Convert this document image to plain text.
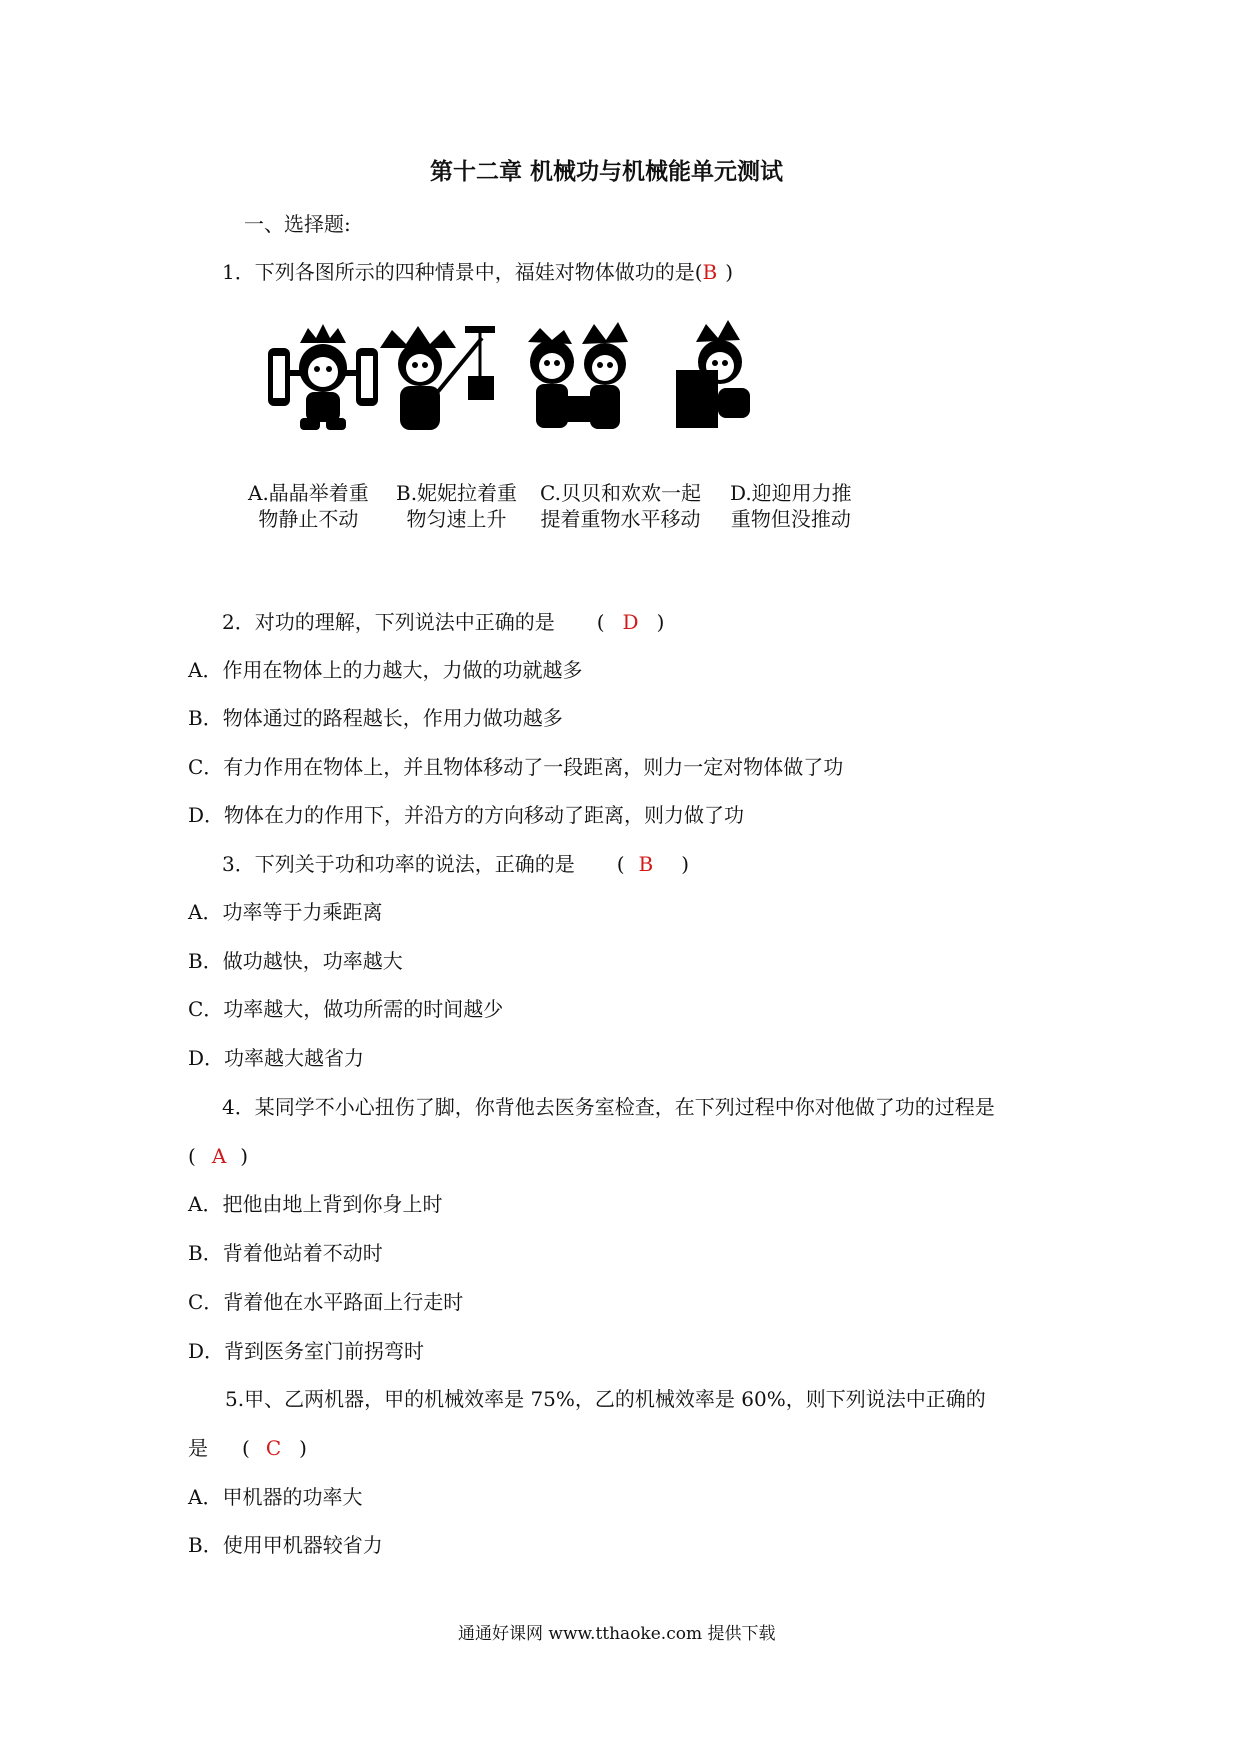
第十二章 机械功与机械能单元测试
一、选择题:
1．下列各图所示的四种情景中，福娃对物体做功的是(B )
A.晶晶举着重
物静止不动
B.妮妮拉着重
物匀速上升
C.贝贝和欢欢一起
提着重物水平移动
D.迎迎用力推
重物但没推动
2．对功的理解，下列说法中正确的是 ( D )
A．作用在物体上的力越大，力做的功就越多
B．物体通过的路程越长，作用力做功越多
C．有力作用在物体上，并且物体移动了一段距离，则力一定对物体做了功
D．物体在力的作用下，并沿方的方向移动了距离，则力做了功
3．下列关于功和功率的说法，正确的是 ( B )
A．功率等于力乘距离
B．做功越快，功率越大
C．功率越大，做功所需的时间越少
D．功率越大越省力
4．某同学不小心扭伤了脚，你背他去医务室检查，在下列过程中你对他做了功的过程是
( A )
A．把他由地上背到你身上时
B．背着他站着不动时
C．背着他在水平路面上行走时
D．背到医务室门前拐弯时
5.甲、乙两机器，甲的机械效率是 75%，乙的机械效率是 60%，则下列说法中正确的
是 ( C )
A．甲机器的功率大
B．使用甲机器较省力
通通好课网 www.tthaoke.com 提供下载
